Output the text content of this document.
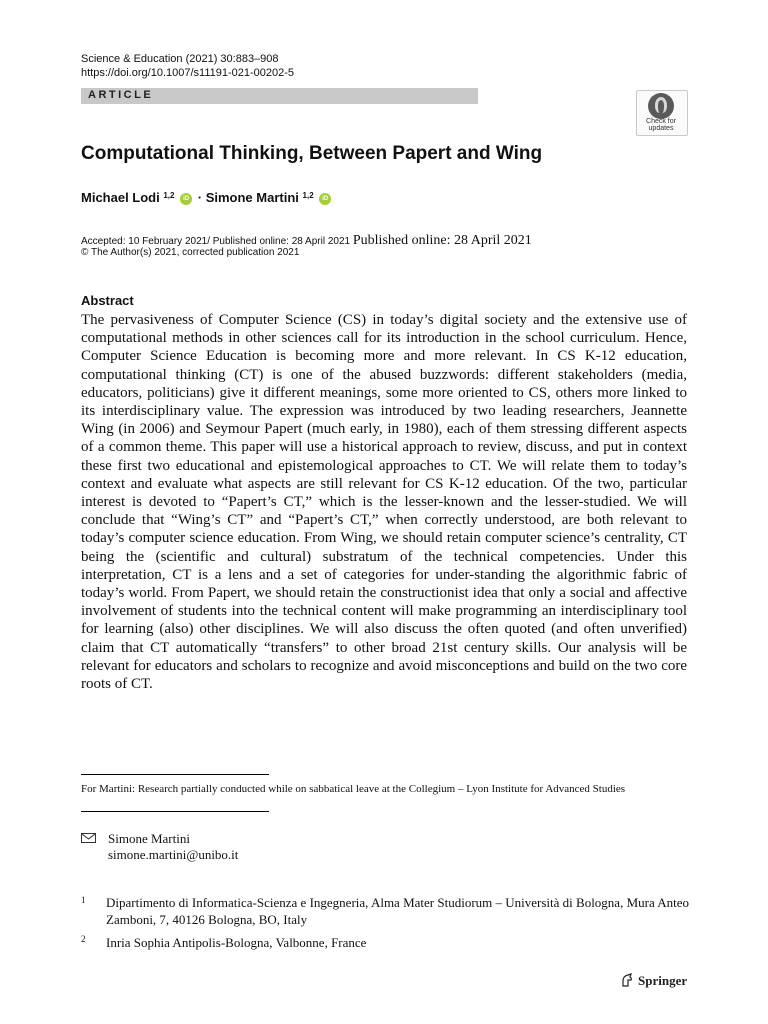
Science & Education (2021) 30:883–908
https://doi.org/10.1007/s11191-021-00202-5
ARTICLE
Check for
updates
Computational Thinking, Between Papert and Wing
Michael Lodi $^{1,2}$ iD · Simone Martini $^{1,2}$ iD
Accepted: 10 February 2021/ Published online: 28 April 2021 Published online: 28 April 2021
© The Author(s) 2021, corrected publication 2021
Abstract
The pervasiveness of Computer Science (CS) in today’s digital society and the extensive use of computational methods in other sciences call for its introduction in the school curriculum. Hence, Computer Science Education is becoming more and more relevant. In CS K-12 education, computational thinking (CT) is one of the abused buzzwords: different stakeholders (media, educators, politicians) give it different meanings, some more oriented to CS, others more linked to its interdisciplinary value. The expression was introduced by two leading researchers, Jeannette Wing (in 2006) and Seymour Papert (much early, in 1980), each of them stressing different aspects of a common theme. This paper will use a historical approach to review, discuss, and put in context these first two educational and epistemological approaches to CT. We will relate them to today’s context and evaluate what aspects are still relevant for CS K-12 education. Of the two, particular interest is devoted to “Papert’s CT,” which is the lesser-known and the lesser-studied. We will conclude that “Wing’s CT” and “Papert’s CT,” when correctly understood, are both relevant to today’s computer science education. From Wing, we should retain computer science’s centrality, CT being the (scientific and cultural) substratum of the technical competencies. Under this interpretation, CT is a lens and a set of categories for under-standing the algorithmic fabric of today’s world. From Papert, we should retain the constructionist idea that only a social and affective involvement of students into the technical content will make programming an interdisciplinary tool for learning (also) other disciplines. We will also discuss the often quoted (and often unverified) claim that CT automatically “transfers” to other broad 21st century skills. Our analysis will be relevant for educators and scholars to recognize and avoid misconceptions and build on the two core roots of CT.
For Martini: Research partially conducted while on sabbatical leave at the Collegium – Lyon Institute for Advanced Studies
Simone Martini
simone.martini@unibo.it
1 Dipartimento di Informatica-Scienza e Ingegneria, Alma Mater Studiorum – Università di Bologna, Mura Anteo Zamboni, 7, 40126 Bologna, BO, Italy
2 Inria Sophia Antipolis-Bologna, Valbonne, France
Springer
